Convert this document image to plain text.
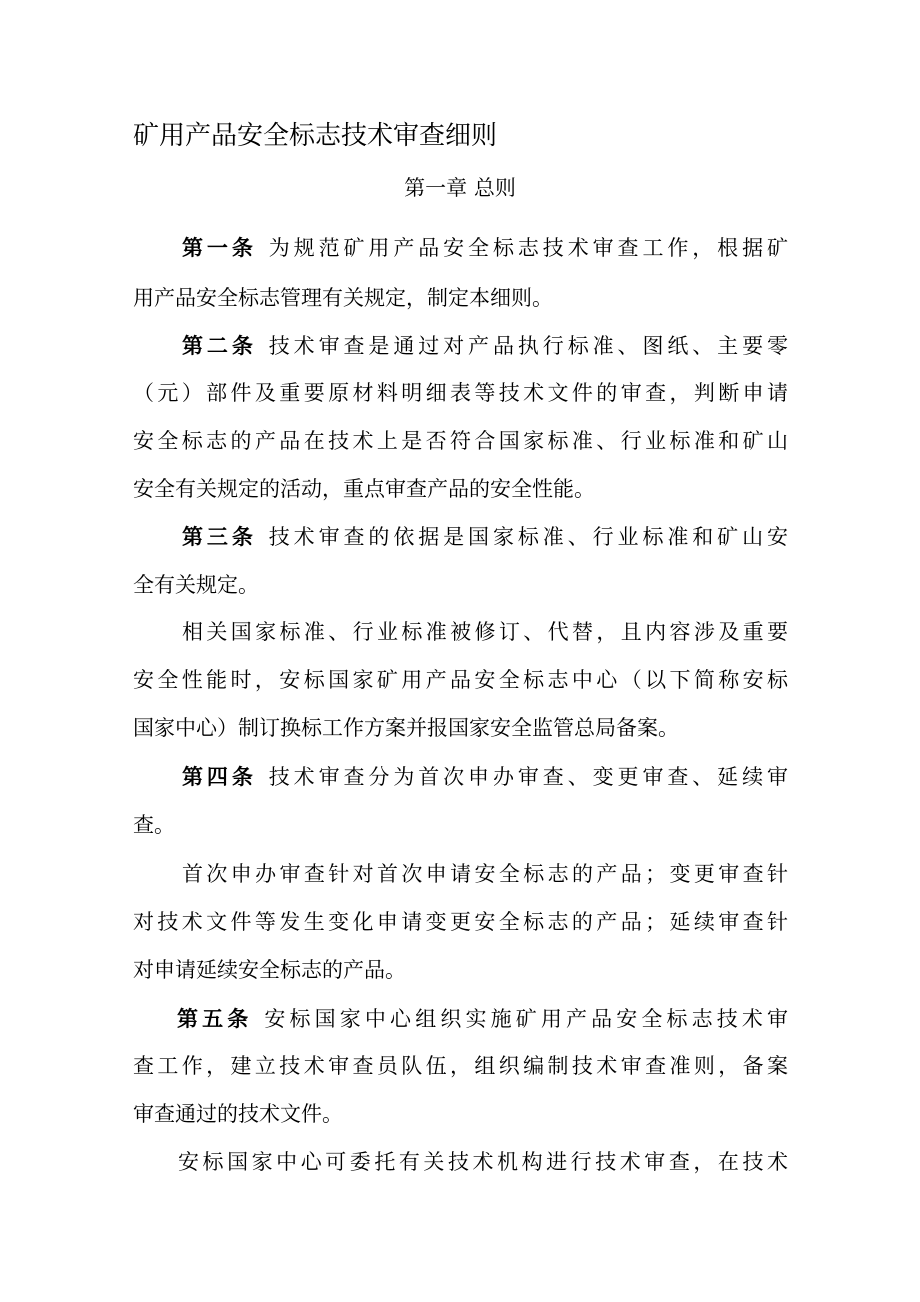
矿用产品安全标志技术审查细则
第一章 总则
第一条 为规范矿用产品安全标志技术审查工作，根据矿
用产品安全标志管理有关规定，制定本细则。
第二条 技术审查是通过对产品执行标准、图纸、主要零
（元）部件及重要原材料明细表等技术文件的审查，判断申请
安全标志的产品在技术上是否符合国家标准、行业标准和矿山
安全有关规定的活动，重点审查产品的安全性能。
第三条 技术审查的依据是国家标准、行业标准和矿山安
全有关规定。
相关国家标准、行业标准被修订、代替，且内容涉及重要
安全性能时，安标国家矿用产品安全标志中心（以下简称安标
国家中心）制订换标工作方案并报国家安全监管总局备案。
第四条 技术审查分为首次申办审查、变更审查、延续审
查。
首次申办审查针对首次申请安全标志的产品；变更审查针
对技术文件等发生变化申请变更安全标志的产品；延续审查针
对申请延续安全标志的产品。
第五条 安标国家中心组织实施矿用产品安全标志技术审
查工作，建立技术审查员队伍，组织编制技术审查准则，备案
审查通过的技术文件。
安标国家中心可委托有关技术机构进行技术审查，在技术
